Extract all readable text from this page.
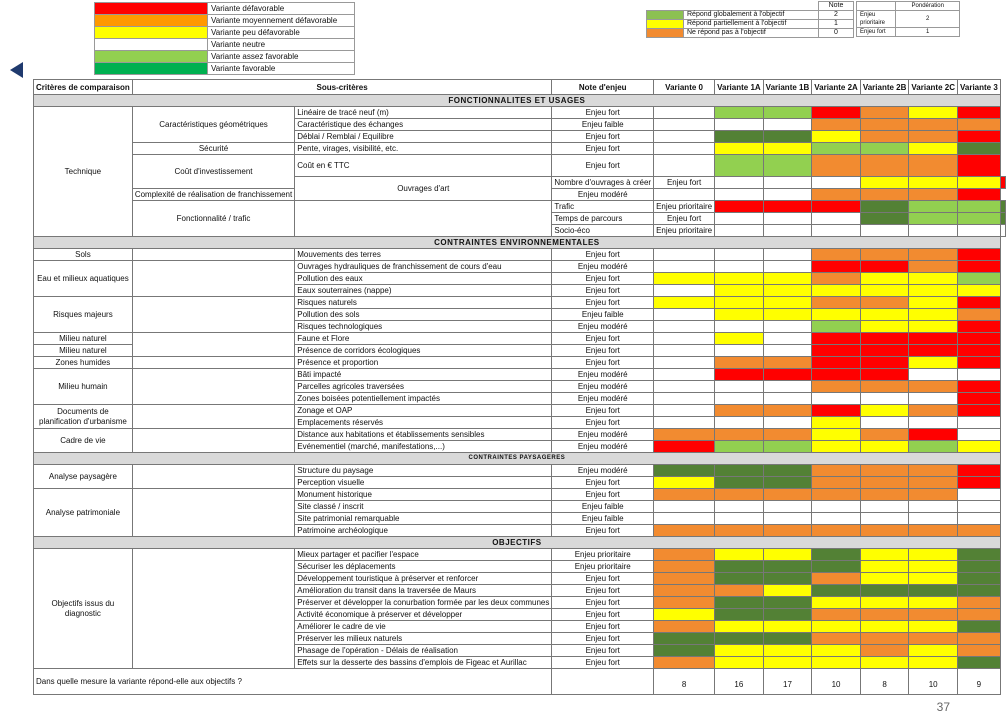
	Variante défavorable
	Variante moyennement défavorable
	Variante peu défavorable
	Variante neutre
	Variante assez favorable
	Variante favorable
		Note
	Répond globalement à l'objectif	2
	Répond partiellement à l'objectif	1
	Ne répond pas à l'objectif	0
	Pondération
Enjeu prioritaire	2
Enjeu fort	1
Critères de comparaison	Sous-critères		Note d'enjeu	Variante 0	Variante 1A	Variante 1B	Variante 2A	Variante 2B	Variante 2C	Variante 3	
FONCTIONNALITES ET USAGES											
Technique	Caractéristiques géométriques	Linéaire de tracé neuf (m)	Enjeu fort								
		Caractéristique des échanges	Enjeu faible								
		Déblai / Remblai / Equilibre	Enjeu fort								
	Sécurité	Pente, virages, visibilité, etc.	Enjeu fort								
	Coût d'investissement	Coût en € TTC	Enjeu fort								
		Ouvrages d'art	Nombre d'ouvrages à créer	Enjeu fort							
	Complexité de réalisation de franchissement		Enjeu modéré								
	Fonctionnalité / trafic		Trafic	Enjeu prioritaire							
			Temps de parcours	Enjeu fort							
			Socio-éco	Enjeu prioritaire							
CONTRAINTES ENVIRONNEMENTALES											
Sols		Mouvements des terres	Enjeu fort								
Eau et milieux aquatiques		Ouvrages hydrauliques de franchissement de cours d'eau	Enjeu modéré								
		Pollution des eaux	Enjeu fort								
		Eaux souterraines (nappe)	Enjeu fort								
Risques majeurs		Risques naturels	Enjeu fort								
		Pollution des sols	Enjeu faible								
		Risques technologiques	Enjeu modéré								
Milieu naturel		Faune et Flore	Enjeu fort								
Milieu naturel		Présence de corridors écologiques	Enjeu fort								
Zones humides		Présence et proportion	Enjeu fort								
Milieu humain		Bâti impacté	Enjeu modéré								
		Parcelles agricoles traversées	Enjeu modéré								
		Zones boisées potentiellement impactés	Enjeu modéré								
Documents de planification d'urbanisme		Zonage et OAP	Enjeu fort								
		Emplacements réservés	Enjeu fort								
Cadre de vie		Distance aux habitations et établissements sensibles	Enjeu modéré								
		Evénementiel (marché, manifestations,...)	Enjeu modéré								
CONTRAINTES PAYSAGERES											
Analyse paysagère		Structure du paysage	Enjeu modéré								
		Perception visuelle	Enjeu fort								
Analyse patrimoniale		Monument historique	Enjeu fort								
		Site classé / inscrit	Enjeu faible								
		Site patrimonial remarquable	Enjeu faible								
		Patrimoine archéologique	Enjeu fort								
OBJECTIFS											
Objectifs issus du diagnostic		Mieux partager et pacifier l'espace	Enjeu prioritaire								
		Sécuriser les déplacements	Enjeu prioritaire								
		Développement touristique à préserver et renforcer	Enjeu fort								
		Amélioration du transit dans la traversée de Maurs	Enjeu fort								
		Préserver et développer la conurbation formée par les deux communes	Enjeu fort								
		Activité économique à préserver et développer	Enjeu fort								
		Améliorer le cadre de vie	Enjeu fort								
		Préserver les milieux naturels	Enjeu fort								
		Phasage de l'opération - Délais de réalisation	Enjeu fort								
		Effets sur la desserte des bassins d'emplois de Figeac et Aurillac	Enjeu fort								
Dans quelle mesure la variante répond-elle aux objectifs ?				8	16	17	10	8	10	9	
37
